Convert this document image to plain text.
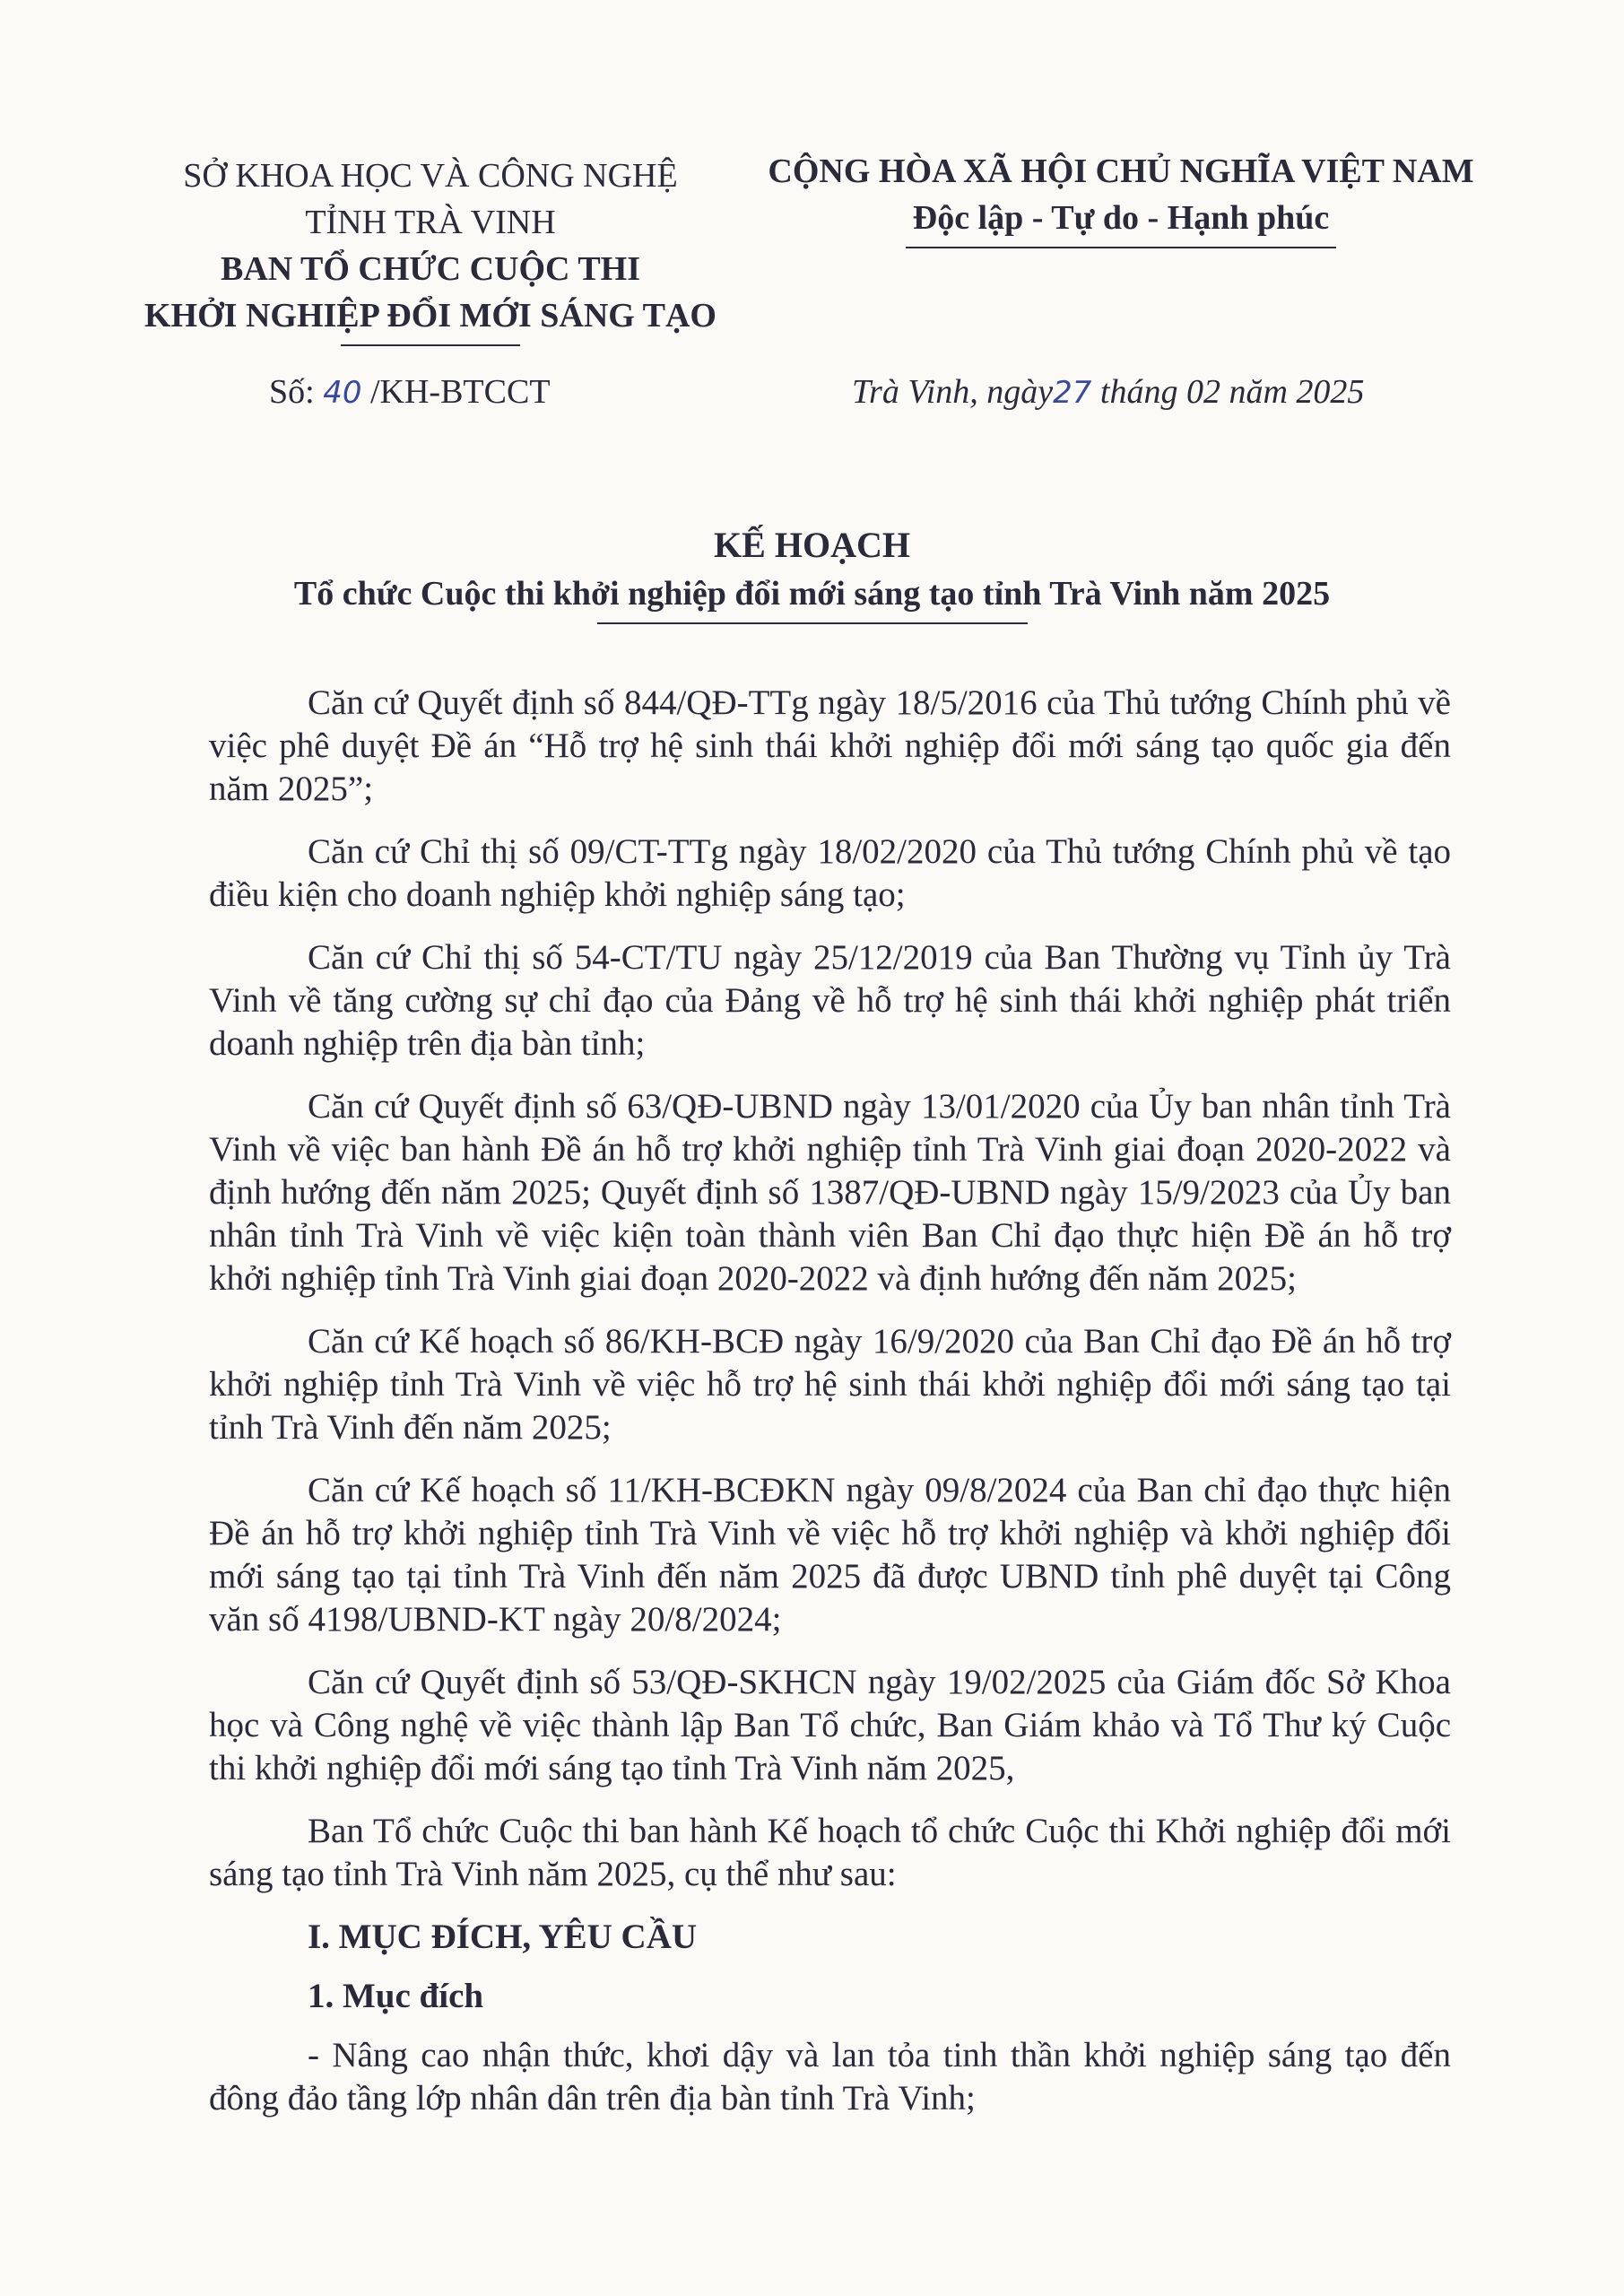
SỞ KHOA HỌC VÀ CÔNG NGHỆ
TỈNH TRÀ VINH
BAN TỔ CHỨC CUỘC THI
KHỞI NGHIỆP ĐỔI MỚI SÁNG TẠO
CỘNG HÒA XÃ HỘI CHỦ NGHĨA VIỆT NAM
Độc lập - Tự do - Hạnh phúc
Số: 40 /KH-BTCCT	Trà Vinh, ngày27 tháng 02 năm 2025
KẾ HOẠCH
Tổ chức Cuộc thi khởi nghiệp đổi mới sáng tạo tỉnh Trà Vinh năm 2025

Căn cứ Quyết định số 844/QĐ-TTg ngày 18/5/2016 của Thủ tướng Chính phủ về việc phê duyệt Đề án “Hỗ trợ hệ sinh thái khởi nghiệp đổi mới sáng tạo quốc gia đến năm 2025”;

Căn cứ Chỉ thị số 09/CT-TTg ngày 18/02/2020 của Thủ tướng Chính phủ về tạo điều kiện cho doanh nghiệp khởi nghiệp sáng tạo;

Căn cứ Chỉ thị số 54-CT/TU ngày 25/12/2019 của Ban Thường vụ Tỉnh ủy Trà Vinh về tăng cường sự chỉ đạo của Đảng về hỗ trợ hệ sinh thái khởi nghiệp phát triển doanh nghiệp trên địa bàn tỉnh;

Căn cứ Quyết định số 63/QĐ-UBND ngày 13/01/2020 của Ủy ban nhân tỉnh Trà Vinh về việc ban hành Đề án hỗ trợ khởi nghiệp tỉnh Trà Vinh giai đoạn 2020-2022 và định hướng đến năm 2025; Quyết định số 1387/QĐ-UBND ngày 15/9/2023 của Ủy ban nhân tỉnh Trà Vinh về việc kiện toàn thành viên Ban Chỉ đạo thực hiện Đề án hỗ trợ khởi nghiệp tỉnh Trà Vinh giai đoạn 2020-2022 và định hướng đến năm 2025;

Căn cứ Kế hoạch số 86/KH-BCĐ ngày 16/9/2020 của Ban Chỉ đạo Đề án hỗ trợ khởi nghiệp tỉnh Trà Vinh về việc hỗ trợ hệ sinh thái khởi nghiệp đổi mới sáng tạo tại tỉnh Trà Vinh đến năm 2025;

Căn cứ Kế hoạch số 11/KH-BCĐKN ngày 09/8/2024 của Ban chỉ đạo thực hiện Đề án hỗ trợ khởi nghiệp tỉnh Trà Vinh về việc hỗ trợ khởi nghiệp và khởi nghiệp đổi mới sáng tạo tại tỉnh Trà Vinh đến năm 2025 đã được UBND tỉnh phê duyệt tại Công văn số 4198/UBND-KT ngày 20/8/2024;

Căn cứ Quyết định số 53/QĐ-SKHCN ngày 19/02/2025 của Giám đốc Sở Khoa học và Công nghệ về việc thành lập Ban Tổ chức, Ban Giám khảo và Tổ Thư ký Cuộc thi khởi nghiệp đổi mới sáng tạo tỉnh Trà Vinh năm 2025,

Ban Tổ chức Cuộc thi ban hành Kế hoạch tổ chức Cuộc thi Khởi nghiệp đổi mới sáng tạo tỉnh Trà Vinh năm 2025, cụ thể như sau:

I. MỤC ĐÍCH, YÊU CẦU
1. Mục đích

- Nâng cao nhận thức, khơi dậy và lan tỏa tinh thần khởi nghiệp sáng tạo đến đông đảo tầng lớp nhân dân trên địa bàn tỉnh Trà Vinh;
